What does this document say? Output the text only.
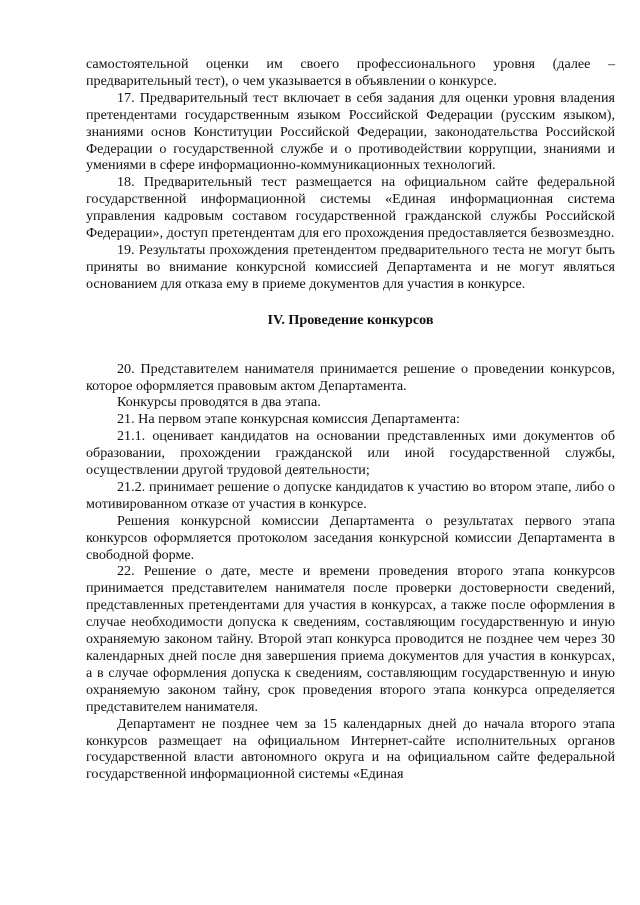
самостоятельной оценки им своего профессионального уровня (далее – предварительный тест), о чем указывается в объявлении о конкурсе.

17. Предварительный тест включает в себя задания для оценки уровня владения претендентами государственным языком Российской Федерации (русским языком), знаниями основ Конституции Российской Федерации, законодательства Российской Федерации о государственной службе и о противодействии коррупции, знаниями и умениями в сфере информационно-коммуникационных технологий.

18. Предварительный тест размещается на официальном сайте федеральной государственной информационной системы «Единая информационная система управления кадровым составом государственной гражданской службы Российской Федерации», доступ претендентам для его прохождения предоставляется безвозмездно.

19. Результаты прохождения претендентом предварительного теста не могут быть приняты во внимание конкурсной комиссией Департамента и не могут являться основанием для отказа ему в приеме документов для участия в конкурсе.

IV. Проведение конкурсов

20. Представителем нанимателя принимается решение о проведении конкурсов, которое оформляется правовым актом Департамента.

Конкурсы проводятся в два этапа.

21. На первом этапе конкурсная комиссия Департамента:

21.1. оценивает кандидатов на основании представленных ими документов об образовании, прохождении гражданской или иной государственной службы, осуществлении другой трудовой деятельности;

21.2. принимает решение о допуске кандидатов к участию во втором этапе, либо о мотивированном отказе от участия в конкурсе.

Решения конкурсной комиссии Департамента о результатах первого этапа конкурсов оформляется протоколом заседания конкурсной комиссии Департамента в свободной форме.

22. Решение о дате, месте и времени проведения второго этапа конкурсов принимается представителем нанимателя после проверки достоверности сведений, представленных претендентами для участия в конкурсах, а также после оформления в случае необходимости допуска к сведениям, составляющим государственную и иную охраняемую законом тайну. Второй этап конкурса проводится не позднее чем через 30 календарных дней после дня завершения приема документов для участия в конкурсах, а в случае оформления допуска к сведениям, составляющим государственную и иную охраняемую законом тайну, срок проведения второго этапа конкурса определяется представителем нанимателя.

Департамент не позднее чем за 15 календарных дней до начала второго этапа конкурсов размещает на официальном Интернет-сайте исполнительных органов государственной власти автономного округа и на официальном сайте федеральной государственной информационной системы «Единая
